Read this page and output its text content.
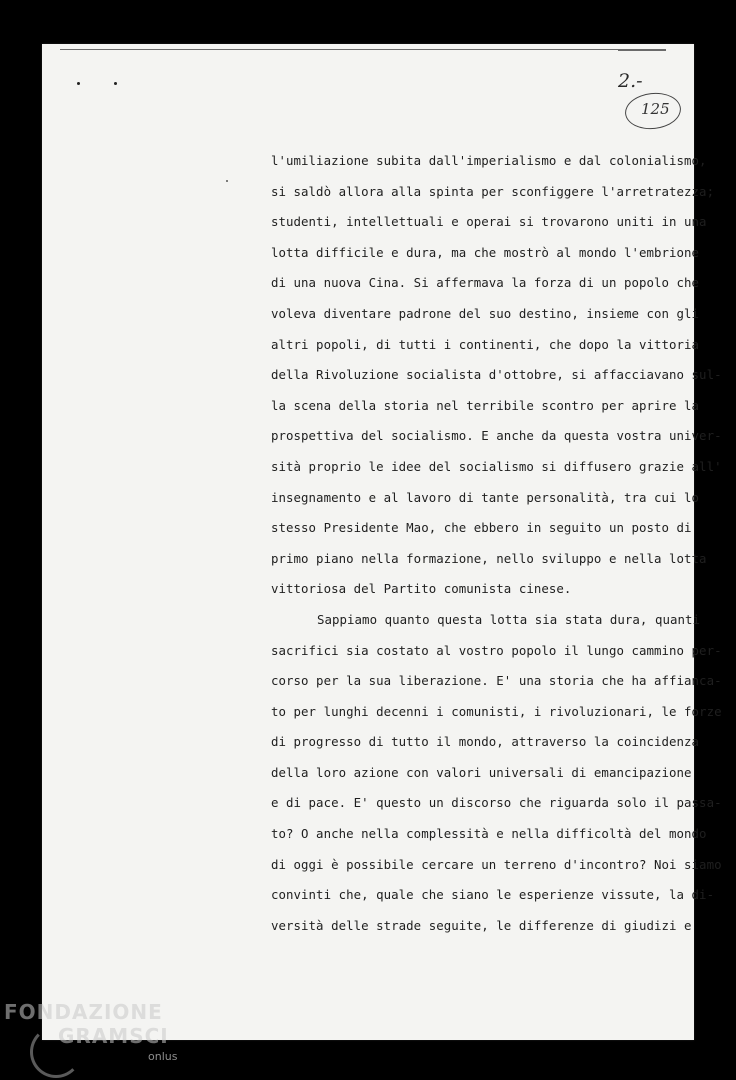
2.-
125
l'umiliazione subita dall'imperialismo e dal colonialismo,
si saldò allora alla spinta per sconfiggere l'arretratezza;
studenti, intellettuali e operai si trovarono uniti in una
lotta difficile e dura, ma che mostrò al mondo l'embrione
di una nuova Cina. Si affermava la forza di un popolo che
voleva diventare padrone del suo destino, insieme con gli
altri popoli, di tutti i continenti, che dopo la vittoria
della Rivoluzione socialista d'ottobre, si affacciavano sul-
la scena della storia nel terribile scontro per aprire la
prospettiva del socialismo. E anche da questa vostra univer-
sità proprio le idee del socialismo si diffusero grazie all'
insegnamento e al lavoro di tante personalità, tra cui lo
stesso Presidente Mao, che ebbero in seguito un posto di
primo piano nella formazione, nello sviluppo e nella lotta
vittoriosa del Partito comunista cinese.
Sappiamo quanto questa lotta sia stata dura, quanti
sacrifici sia costato al vostro popolo il lungo cammino per-
corso per la sua liberazione. E' una storia che ha affianca-
to per lunghi decenni i comunisti, i rivoluzionari, le forze
di progresso di tutto il mondo, attraverso la coincidenza
della loro azione con valori universali di emancipazione
e di pace. E' questo un discorso che riguarda solo il passa-
to? O anche nella complessità e nella difficoltà del mondo
di oggi è possibile cercare un terreno d'incontro? Noi siamo
convinti che, quale che siano le esperienze vissute, la di-
versità delle strade seguite, le differenze di giudizi e
FONDAZIONE
GRAMSCI
onlus
